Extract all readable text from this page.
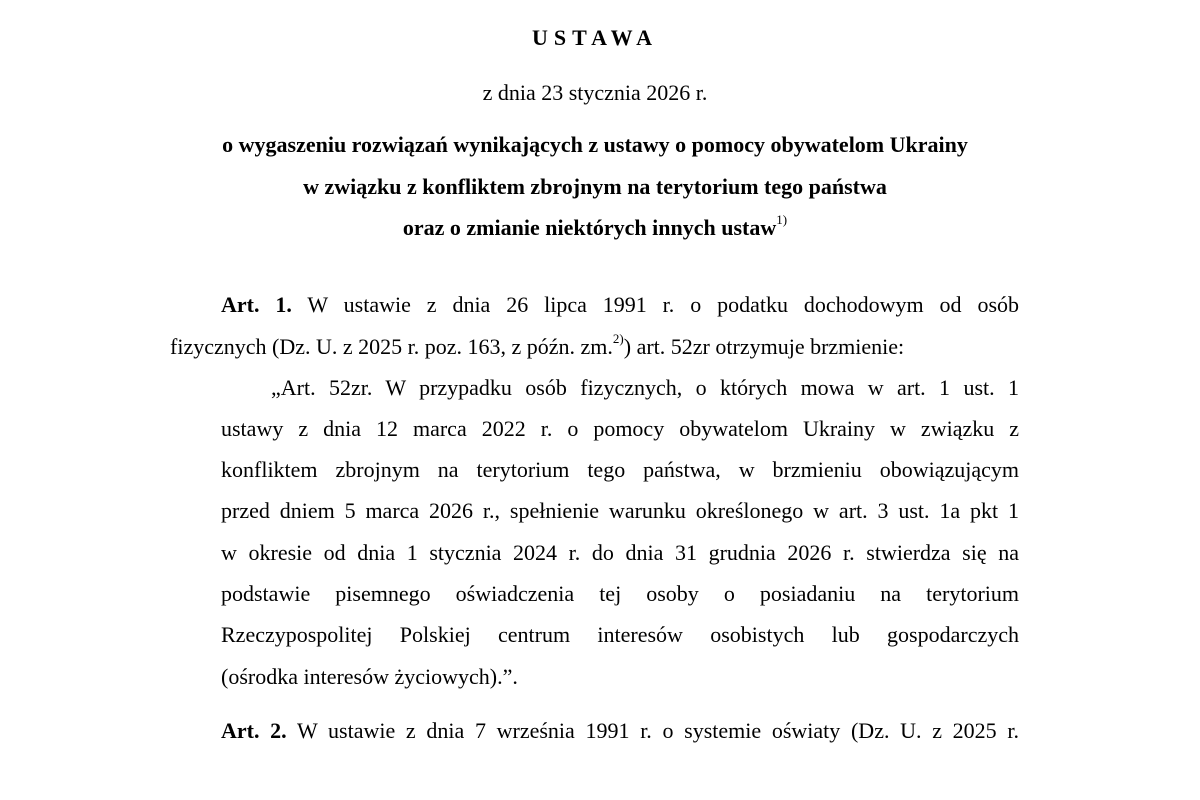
USTAWA
z dnia 23 stycznia 2026 r.
o wygaszeniu rozwiązań wynikających z ustawy o pomocy obywatelom Ukrainy
w związku z konfliktem zbrojnym na terytorium tego państwa
oraz o zmianie niektórych innych ustaw$^{1)}$
Art. 1. W ustawie z dnia 26 lipca 1991 r. o podatku dochodowym od osób
fizycznych (Dz. U. z 2025 r. poz. 163, z późn. zm.$^{2)}$) art. 52zr otrzymuje brzmienie:
„Art. 52zr. W przypadku osób fizycznych, o których mowa w art. 1 ust. 1
ustawy z dnia 12 marca 2022 r. o pomocy obywatelom Ukrainy w związku z
konfliktem zbrojnym na terytorium tego państwa, w brzmieniu obowiązującym
przed dniem 5 marca 2026 r., spełnienie warunku określonego w art. 3 ust. 1a pkt 1
w okresie od dnia 1 stycznia 2024 r. do dnia 31 grudnia 2026 r. stwierdza się na
podstawie pisemnego oświadczenia tej osoby o posiadaniu na terytorium
Rzeczypospolitej Polskiej centrum interesów osobistych lub gospodarczych
(ośrodka interesów życiowych).”.
Art. 2. W ustawie z dnia 7 września 1991 r. o systemie oświaty (Dz. U. z 2025 r.
